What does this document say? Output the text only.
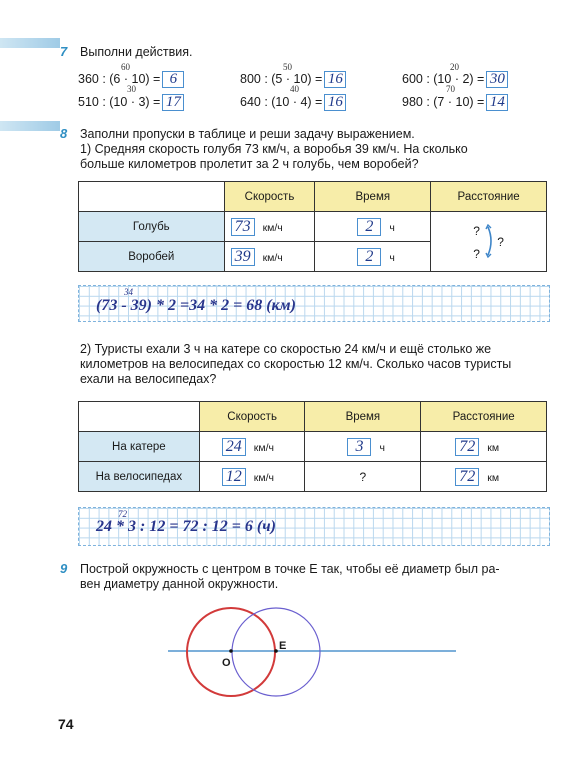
7 Выполни действия.
60
360 : (6 · 10) = 6
50
800 : (5 · 10) = 16
20
600 : (10 · 2) = 30
30
510 : (10 · 3) = 17
40
640 : (10 · 4) = 16
70
980 : (7 · 10) = 14
8 Заполни пропуски в таблице и реши задачу выражением.
1) Средняя скорость голубя 73 км/ч, а воробья 39 км/ч. На сколько
больше километров пролетит за 2 ч голубь, чем воробей?
	Скорость	Время	Расстояние
Голубь	73 км/ч	2 ч	?
?
?

Воробей	39 км/ч	2 ч	
34
(73 - 39) * 2 =34 * 2 = 68 (км)
2) Туристы ехали 3 ч на катере со скоростью 24 км/ч и ещё столько же
километров на велосипедах со скоростью 12 км/ч. Сколько часов туристы
ехали на велосипедах?
	Скорость	Время	Расстояние
На катере	24 км/ч	3 ч	72 км
На велосипедах	12 км/ч	?	72 км
72
24 * 3 : 12 = 72 : 12 = 6 (ч)
9 Построй окружность с центром в точке Е так, чтобы её диаметр был ра-
вен диаметру данной окружности.
О
Е
74
